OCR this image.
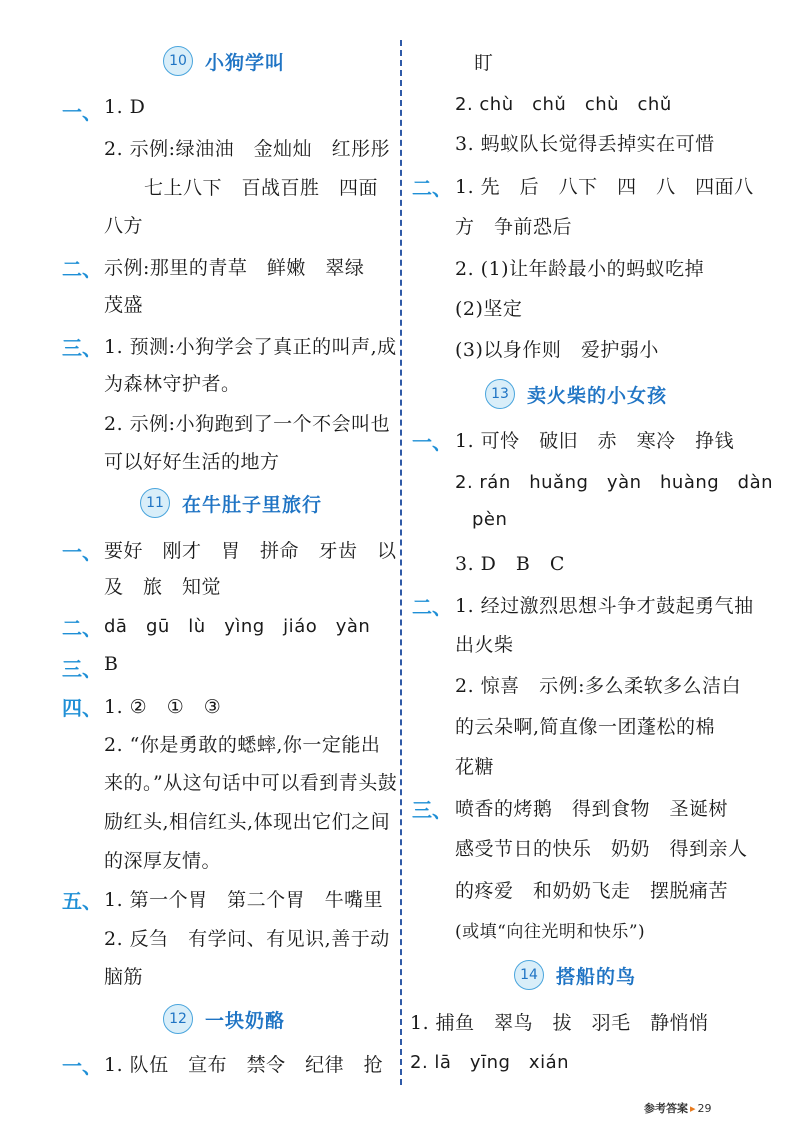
10 小狗学叫
一、 1. D
2. 示例:绿油油　金灿灿　红彤彤
七上八下　百战百胜　四面
八方
二、 示例:那里的青草　鲜嫩　翠绿
茂盛
三、 1. 预测:小狗学会了真正的叫声,成
为森林守护者。
2. 示例:小狗跑到了一个不会叫也
可以好好生活的地方
11 在牛肚子里旅行
一、 要好　刚才　胃　拼命　牙齿　以
及　旅　知觉
二、 dā　gū　lù　yìng　jiáo　yàn
三、 B
四、 1. ②　①　③
2. “你是勇敢的蟋蟀,你一定能出
来的。”从这句话中可以看到青头鼓
励红头,相信红头,体现出它们之间
的深厚友情。
五、 1. 第一个胃　第二个胃　牛嘴里
2. 反刍　有学问、有见识,善于动
脑筋
12 一块奶酪
一、 1. 队伍　宣布　禁令　纪律　抢
盯
2. chù　chǔ　chù　chǔ
3. 蚂蚁队长觉得丢掉实在可惜
二、 1. 先　后　八下　四　八　四面八
方　争前恐后
2. (1)让年龄最小的蚂蚁吃掉
(2)坚定
(3)以身作则　爱护弱小
13 卖火柴的小女孩
一、 1. 可怜　破旧　赤　寒冷　挣钱
2. rán　huǎng　yàn　huàng　dàn
pèn
3. D　B　C
二、 1. 经过激烈思想斗争才鼓起勇气抽
出火柴
2. 惊喜　示例:多么柔软多么洁白
的云朵啊,简直像一团蓬松的棉
花糖
三、 喷香的烤鹅　得到食物　圣诞树
感受节日的快乐　奶奶　得到亲人
的疼爱　和奶奶飞走　摆脱痛苦
(或填“向往光明和快乐”)
14 搭船的鸟
1. 捕鱼　翠鸟　拔　羽毛　静悄悄
2. lā　yīng　xián
参考答案 ▸ 29
